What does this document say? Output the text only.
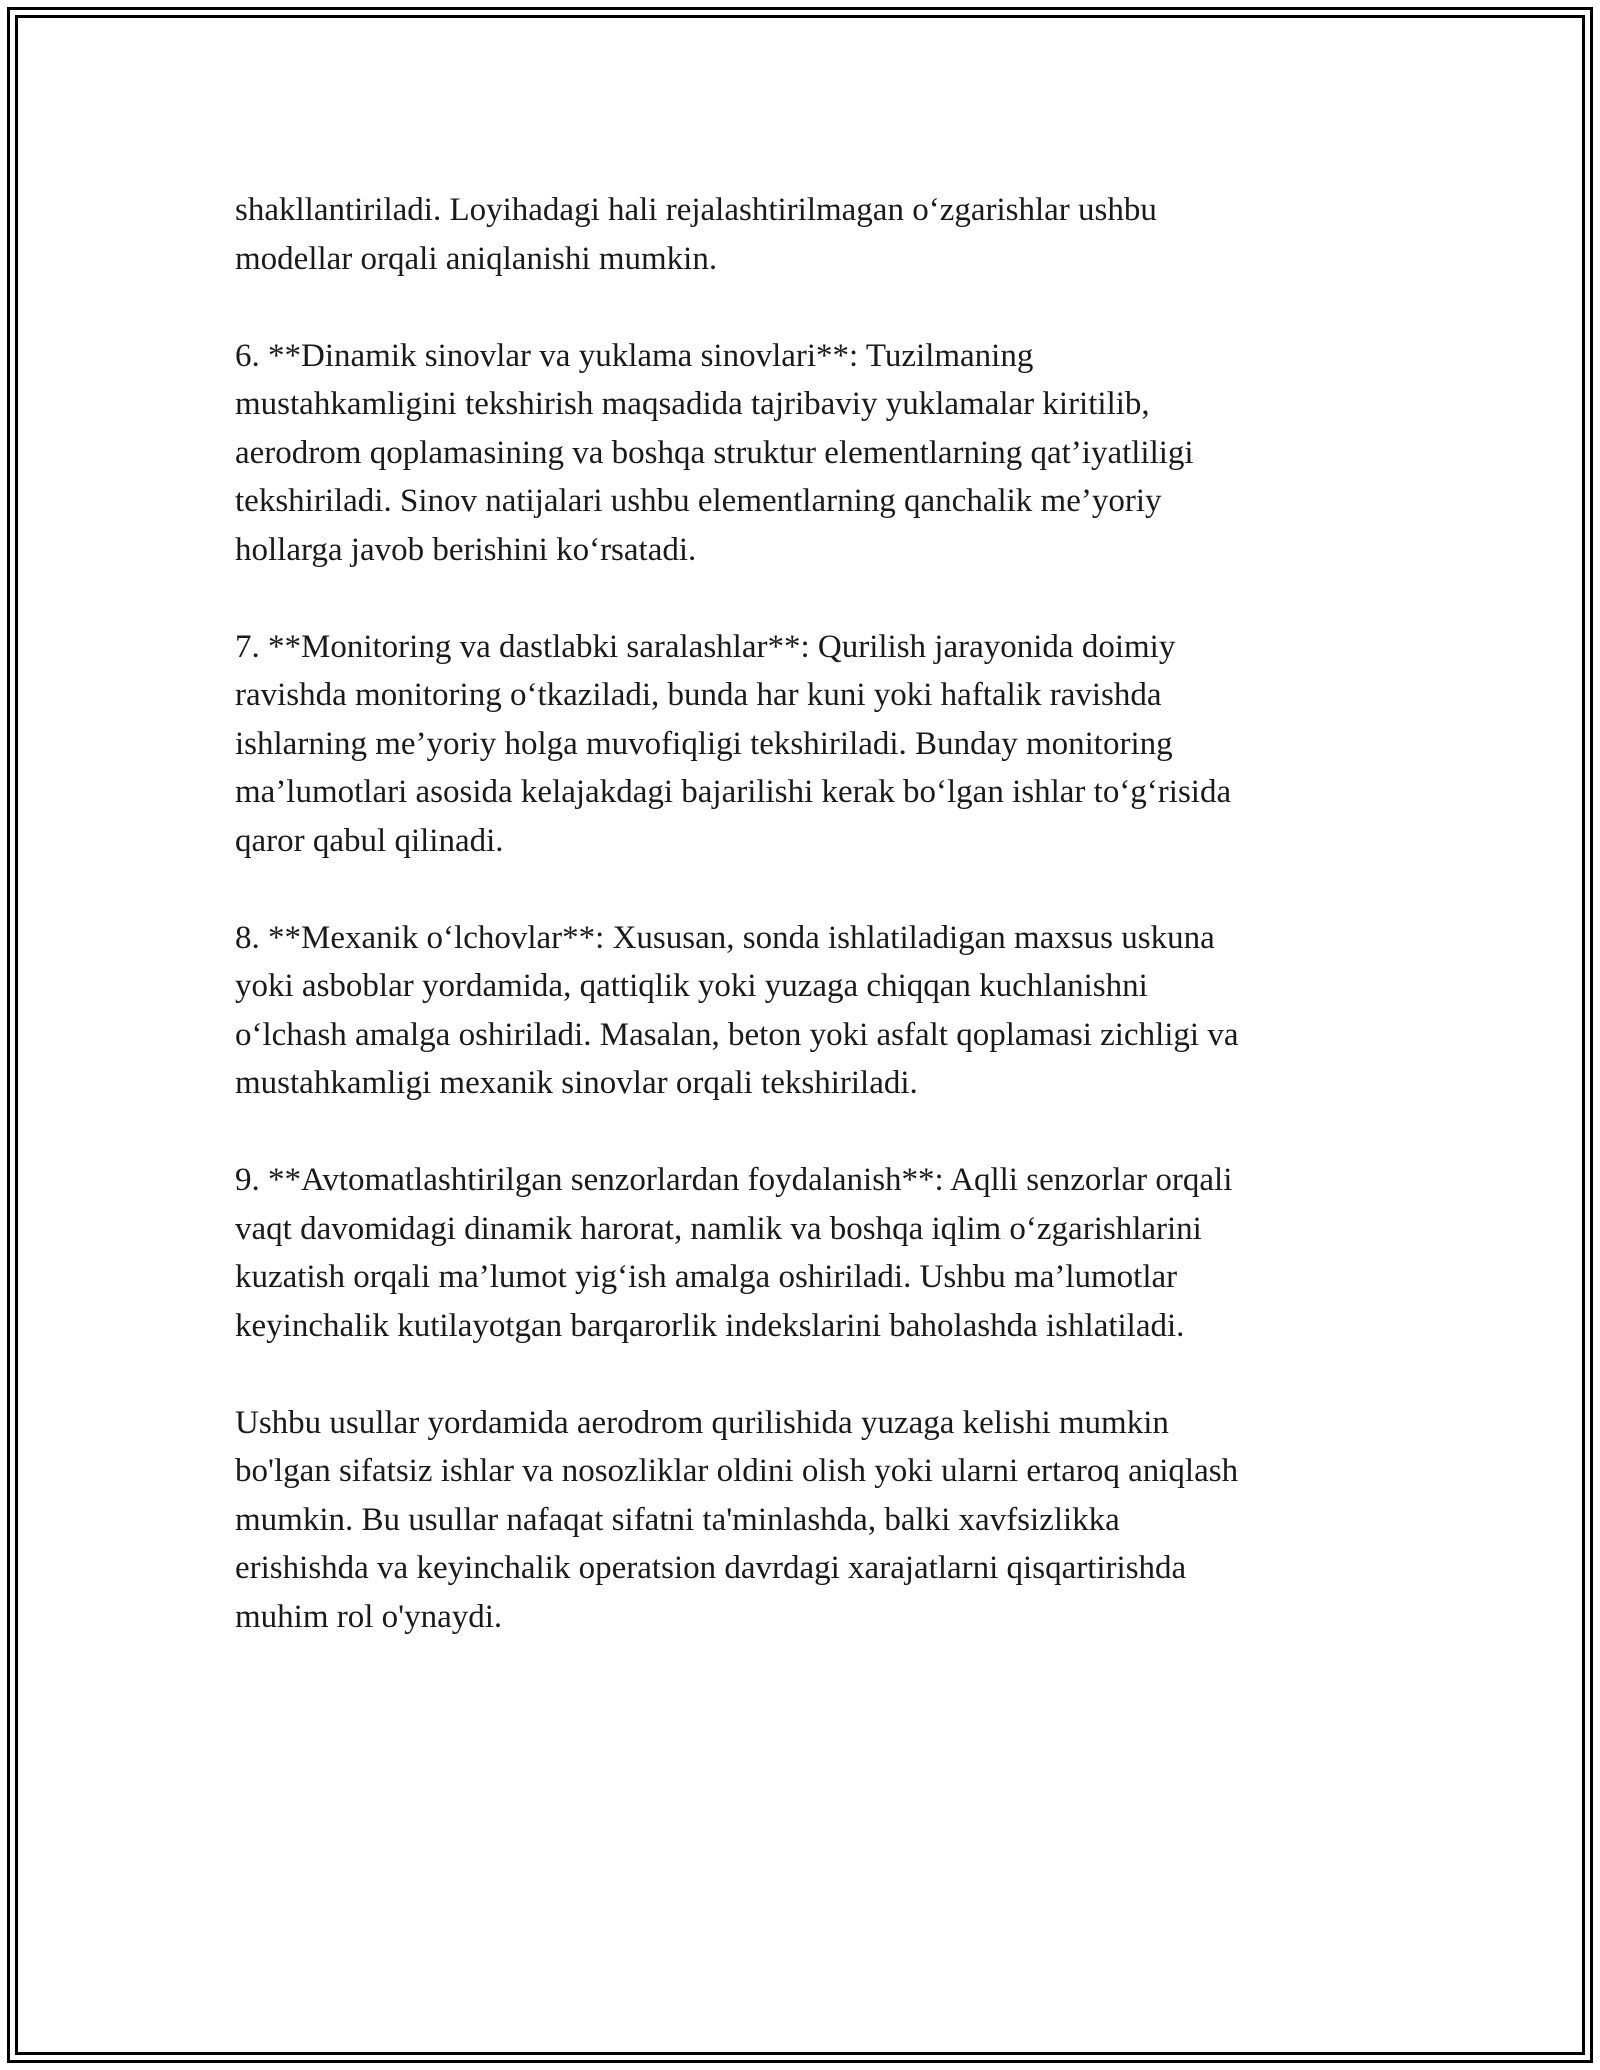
shakllantiriladi. Loyihadagi hali rejalashtirilmagan o‘zgarishlar ushbu
modellar orqali aniqlanishi mumkin.

6. **Dinamik sinovlar va yuklama sinovlari**: Tuzilmaning
mustahkamligini tekshirish maqsadida tajribaviy yuklamalar kiritilib,
aerodrom qoplamasining va boshqa struktur elementlarning qat’iyatliligi
tekshiriladi. Sinov natijalari ushbu elementlarning qanchalik me’yoriy
hollarga javob berishini ko‘rsatadi.

7. **Monitoring va dastlabki saralashlar**: Qurilish jarayonida doimiy
ravishda monitoring o‘tkaziladi, bunda har kuni yoki haftalik ravishda
ishlarning me’yoriy holga muvofiqligi tekshiriladi. Bunday monitoring
ma’lumotlari asosida kelajakdagi bajarilishi kerak bo‘lgan ishlar to‘g‘risida
qaror qabul qilinadi.

8. **Mexanik o‘lchovlar**: Xususan, sonda ishlatiladigan maxsus uskuna
yoki asboblar yordamida, qattiqlik yoki yuzaga chiqqan kuchlanishni
o‘lchash amalga oshiriladi. Masalan, beton yoki asfalt qoplamasi zichligi va
mustahkamligi mexanik sinovlar orqali tekshiriladi.

9. **Avtomatlashtirilgan senzorlardan foydalanish**: Aqlli senzorlar orqali
vaqt davomidagi dinamik harorat, namlik va boshqa iqlim o‘zgarishlarini
kuzatish orqali ma’lumot yig‘ish amalga oshiriladi. Ushbu ma’lumotlar
keyinchalik kutilayotgan barqarorlik indekslarini baholashda ishlatiladi.

Ushbu usullar yordamida aerodrom qurilishida yuzaga kelishi mumkin
bo'lgan sifatsiz ishlar va nosozliklar oldini olish yoki ularni ertaroq aniqlash
mumkin. Bu usullar nafaqat sifatni ta'minlashda, balki xavfsizlikka
erishishda va keyinchalik operatsion davrdagi xarajatlarni qisqartirishda
muhim rol o'ynaydi.
